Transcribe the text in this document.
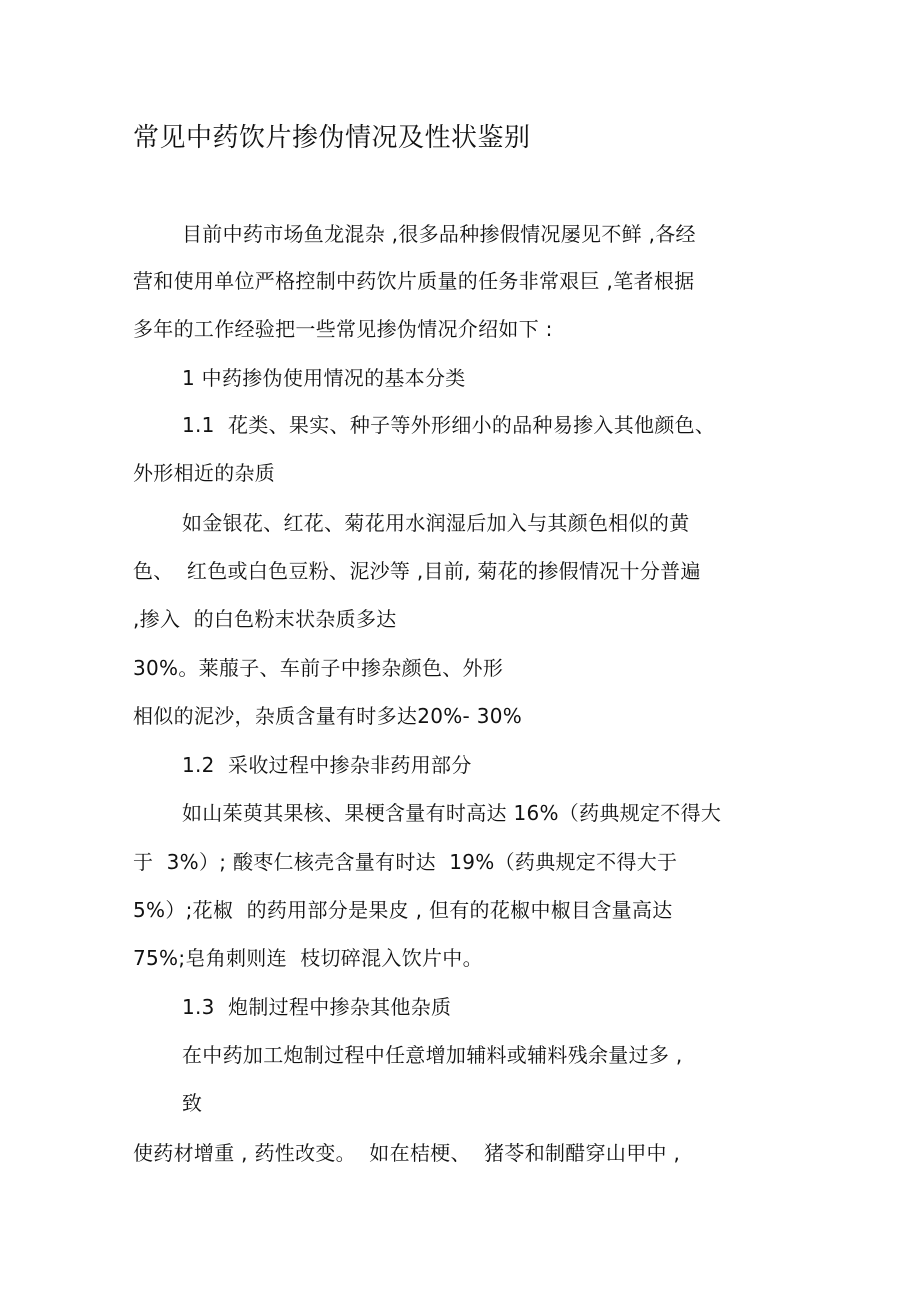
常见中药饮片掺伪情况及性状鉴别
目前中药市场鱼龙混杂 ,很多品种掺假情况屡见不鲜 ,各经
营和使用单位严格控制中药饮片质量的任务非常艰巨 ,笔者根据
多年的工作经验把一些常见掺伪情况介绍如下 :
1 中药掺伪使用情况的基本分类
1.1  花类、果实、种子等外形细小的品种易掺入其他颜色、
外形相近的杂质
如金银花、红花、菊花用水润湿后加入与其颜色相似的黄
色、  红色或白色豆粉、泥沙等 ,目前, 菊花的掺假情况十分普遍
,掺入  的白色粉末状杂质多达
30%。莱菔子、车前子中掺杂颜色、外形
相似的泥沙，杂质含量有时多达20%- 30%
1.2  采收过程中掺杂非药用部分
如山茱萸其果核、果梗含量有时高达 16%（药典规定不得大
于  3%）; 酸枣仁核壳含量有时达  19%（药典规定不得大于
5%）;花椒  的药用部分是果皮 , 但有的花椒中椒目含量高达
75%;皂角刺则连  枝切碎混入饮片中。
1.3  炮制过程中掺杂其他杂质
在中药加工炮制过程中任意增加辅料或辅料残余量过多 ,
致
使药材增重 , 药性改变。  如在桔梗、  猪苓和制醋穿山甲中 ,
